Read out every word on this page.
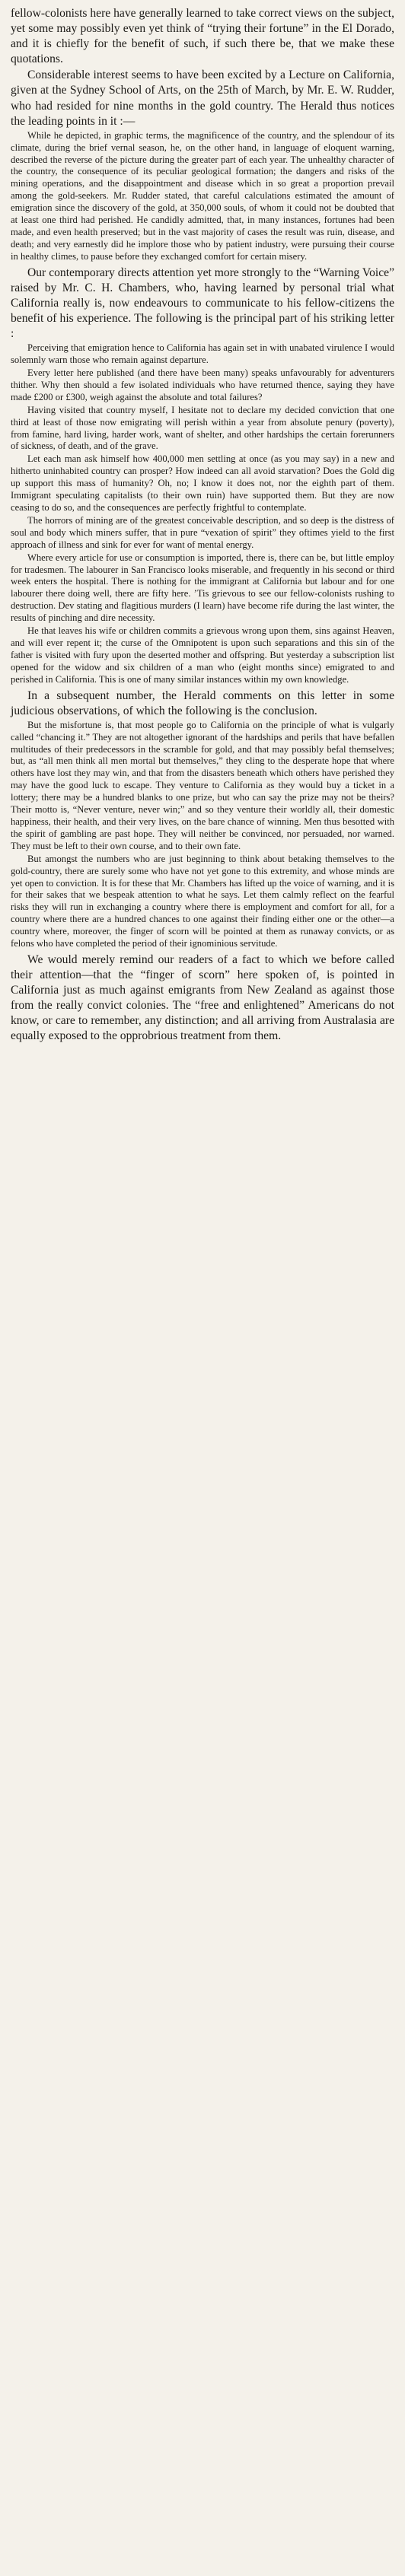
fellow-colonists here have generally learned to take correct views on the subject, yet some may possibly even yet think of “trying their fortune” in the El Dorado, and it is chiefly for the benefit of such, if such there be, that we make these quotations.

Considerable interest seems to have been excited by a Lecture on California, given at the Sydney School of Arts, on the 25th of March, by Mr. E. W. Rudder, who had resided for nine months in the gold country. The Herald thus notices the leading points in it :—

While he depicted, in graphic terms, the magnificence of the country, and the splendour of its climate, during the brief vernal season, he, on the other hand, in language of eloquent warning, described the reverse of the picture during the greater part of each year. The unhealthy character of the country, the consequence of its peculiar geological formation; the dangers and risks of the mining operations, and the disappointment and disease which in so great a proportion prevail among the gold-seekers. Mr. Rudder stated, that careful calculations estimated the amount of emigration since the discovery of the gold, at 350,000 souls, of whom it could not be doubted that at least one third had perished. He candidly admitted, that, in many instances, fortunes had been made, and even health preserved; but in the vast majority of cases the result was ruin, disease, and death; and very earnestly did he implore those who by patient industry, were pursuing their course in healthy climes, to pause before they exchanged comfort for certain misery.

Our contemporary directs attention yet more strongly to the “Warning Voice” raised by Mr. C. H. Chambers, who, having learned by personal trial what California really is, now endeavours to communicate to his fellow-citizens the benefit of his experience. The following is the principal part of his striking letter :

Perceiving that emigration hence to California has again set in with unabated virulence I would solemnly warn those who remain against departure.

Every letter here published (and there have been many) speaks unfavourably for adventurers thither. Why then should a few isolated individuals who have returned thence, saying they have made £200 or £300, weigh against the absolute and total failures?

Having visited that country myself, I hesitate not to declare my decided conviction that one third at least of those now emigrating will perish within a year from absolute penury (poverty), from famine, hard living, harder work, want of shelter, and other hardships the certain forerunners of sickness, of death, and of the grave.

Let each man ask himself how 400,000 men settling at once (as you may say) in a new and hitherto uninhabited country can prosper? How indeed can all avoid starvation? Does the Gold dig up support this mass of humanity? Oh, no; I know it does not, nor the eighth part of them. Immigrant speculating capitalists (to their own ruin) have supported them. But they are now ceasing to do so, and the consequences are perfectly frightful to contemplate.

The horrors of mining are of the greatest conceivable description, and so deep is the distress of soul and body which miners suffer, that in pure “vexation of spirit” they oftimes yield to the first approach of illness and sink for ever for want of mental energy.

Where every article for use or consumption is imported, there is, there can be, but little employ for tradesmen. The labourer in San Francisco looks miserable, and frequently in his second or third week enters the hospital. There is nothing for the immigrant at California but labour and for one labourer there doing well, there are fifty here. ’Tis grievous to see our fellow-colonists rushing to destruction. Dev stating and flagitious murders (I learn) have become rife during the last winter, the results of pinching and dire necessity.

He that leaves his wife or children commits a grievous wrong upon them, sins against Heaven, and will ever repent it; the curse of the Omnipotent is upon such separations and this sin of the father is visited with fury upon the deserted mother and offspring. But yesterday a subscription list opened for the widow and six children of a man who (eight months since) emigrated to and perished in California. This is one of many similar instances within my own knowledge.

In a subsequent number, the Herald comments on this letter in some judicious observations, of which the following is the conclusion.

But the misfortune is, that most people go to California on the principle of what is vulgarly called “chancing it.” They are not altogether ignorant of the hardships and perils that have befallen multitudes of their predecessors in the scramble for gold, and that may possibly befal themselves; but, as “all men think all men mortal but themselves,” they cling to the desperate hope that where others have lost they may win, and that from the disasters beneath which others have perished they may have the good luck to escape. They venture to California as they would buy a ticket in a lottery; there may be a hundred blanks to one prize, but who can say the prize may not be theirs? Their motto is, “Never venture, never win;” and so they venture their worldly all, their domestic happiness, their health, and their very lives, on the bare chance of winning. Men thus besotted with the spirit of gambling are past hope. They will neither be convinced, nor persuaded, nor warned. They must be left to their own course, and to their own fate.

But amongst the numbers who are just beginning to think about betaking themselves to the gold-country, there are surely some who have not yet gone to this extremity, and whose minds are yet open to conviction. It is for these that Mr. Chambers has lifted up the voice of warning, and it is for their sakes that we bespeak attention to what he says. Let them calmly reflect on the fearful risks they will run in exchanging a country where there is employment and comfort for all, for a country where there are a hundred chances to one against their finding either one or the other—a country where, moreover, the finger of scorn will be pointed at them as runaway convicts, or as felons who have completed the period of their ignominious servitude.

We would merely remind our readers of a fact to which we before called their attention—that the “finger of scorn” here spoken of, is pointed in California just as much against emigrants from New Zealand as against those from the really convict colonies. The “free and enlightened” Americans do not know, or care to remember, any distinction; and all arriving from Australasia are equally exposed to the opprobrious treatment from them.
